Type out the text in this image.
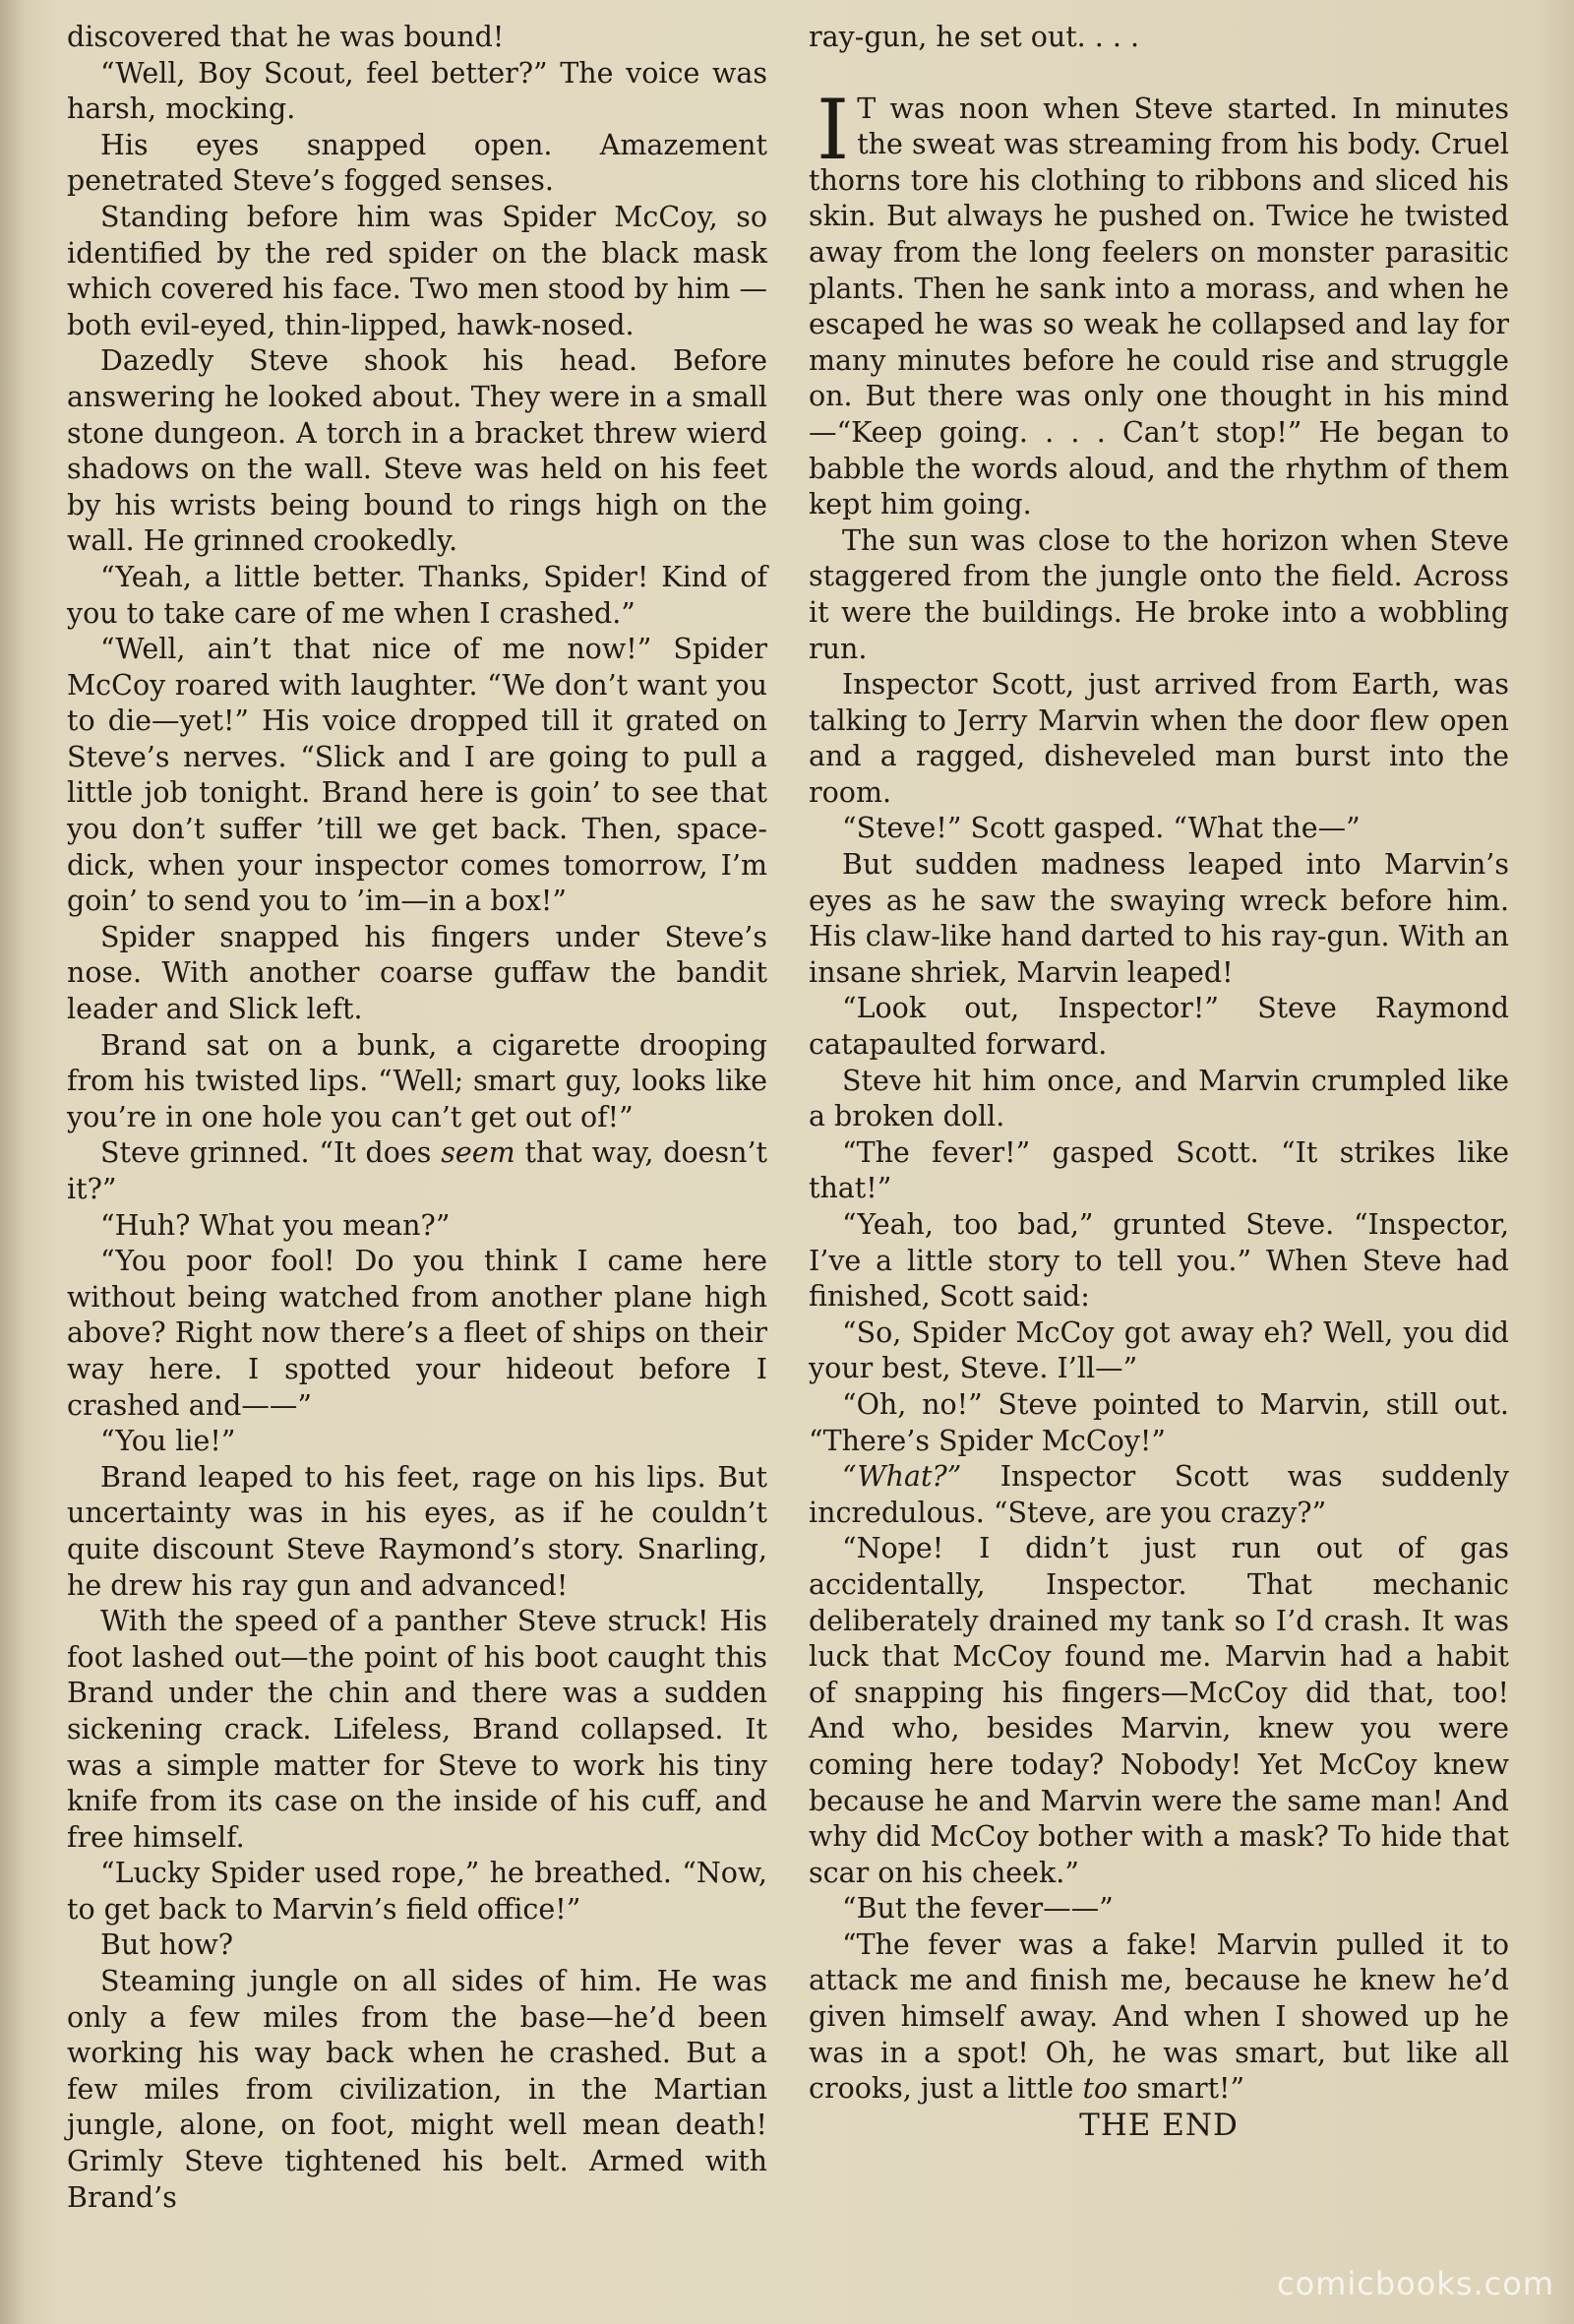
discovered that he was bound!

“Well, Boy Scout, feel better?” The voice was harsh, mocking.

His eyes snapped open. Amazement penetrated Steve’s fogged senses.

Standing before him was Spider McCoy, so identified by the red spider on the black mask which covered his face. Two men stood by him —both evil-eyed, thin-lipped, hawk-nosed.

Dazedly Steve shook his head. Before answering he looked about. They were in a small stone dungeon. A torch in a bracket threw wierd shadows on the wall. Steve was held on his feet by his wrists being bound to rings high on the wall. He grinned crookedly.

“Yeah, a little better. Thanks, Spider! Kind of you to take care of me when I crashed.”

“Well, ain’t that nice of me now!” Spider McCoy roared with laughter. “We don’t want you to die—yet!” His voice dropped till it grated on Steve’s nerves. “Slick and I are going to pull a little job tonight. Brand here is goin’ to see that you don’t suffer ’till we get back. Then, space-dick, when your inspector comes tomorrow, I’m goin’ to send you to ’im—in a box!”

Spider snapped his fingers under Steve’s nose. With another coarse guffaw the bandit leader and Slick left.

Brand sat on a bunk, a cigarette drooping from his twisted lips. “Well; smart guy, looks like you’re in one hole you can’t get out of!”

Steve grinned. “It does seem that way, doesn’t it?”

“Huh? What you mean?”

“You poor fool! Do you think I came here without being watched from another plane high above? Right now there’s a fleet of ships on their way here. I spotted your hideout before I crashed and——”

“You lie!”

Brand leaped to his feet, rage on his lips. But uncertainty was in his eyes, as if he couldn’t quite discount Steve Raymond’s story. Snarling, he drew his ray gun and advanced!

With the speed of a panther Steve struck! His foot lashed out—the point of his boot caught this Brand under the chin and there was a sudden sickening crack. Lifeless, Brand collapsed. It was a simple matter for Steve to work his tiny knife from its case on the inside of his cuff, and free himself.

“Lucky Spider used rope,” he breathed. “Now, to get back to Marvin’s field office!”

But how?

Steaming jungle on all sides of him. He was only a few miles from the base—he’d been working his way back when he crashed. But a few miles from civilization, in the Martian jungle, alone, on foot, might well mean death! Grimly Steve tightened his belt. Armed with Brand’s

ray-gun, he set out. . . .

I T was noon when Steve started. In minutes the sweat was streaming from his body. Cruel thorns tore his clothing to ribbons and sliced his skin. But always he pushed on. Twice he twisted away from the long feelers on monster parasitic plants. Then he sank into a morass, and when he escaped he was so weak he collapsed and lay for many minutes before he could rise and struggle on. But there was only one thought in his mind—“Keep going. . . . Can’t stop!” He began to babble the words aloud, and the rhythm of them kept him going.

The sun was close to the horizon when Steve staggered from the jungle onto the field. Across it were the buildings. He broke into a wobbling run.

Inspector Scott, just arrived from Earth, was talking to Jerry Marvin when the door flew open and a ragged, disheveled man burst into the room.

“Steve!” Scott gasped. “What the—”

But sudden madness leaped into Marvin’s eyes as he saw the swaying wreck before him. His claw-like hand darted to his ray-gun. With an insane shriek, Marvin leaped!

“Look out, Inspector!” Steve Raymond catapaulted forward.

Steve hit him once, and Marvin crumpled like a broken doll.

“The fever!” gasped Scott. “It strikes like that!”

“Yeah, too bad,” grunted Steve. “Inspector, I’ve a little story to tell you.” When Steve had finished, Scott said:

“So, Spider McCoy got away eh? Well, you did your best, Steve. I’ll—”

“Oh, no!” Steve pointed to Marvin, still out. “There’s Spider McCoy!”

“What?” Inspector Scott was suddenly incredulous. “Steve, are you crazy?”

“Nope! I didn’t just run out of gas accidentally, Inspector. That mechanic deliberately drained my tank so I’d crash. It was luck that McCoy found me. Marvin had a habit of snapping his fingers—McCoy did that, too! And who, besides Marvin, knew you were coming here today? Nobody! Yet McCoy knew because he and Marvin were the same man! And why did McCoy bother with a mask? To hide that scar on his cheek.”

“But the fever——”

“The fever was a fake! Marvin pulled it to attack me and finish me, because he knew he’d given himself away. And when I showed up he was in a spot! Oh, he was smart, but like all crooks, just a little too smart!”

THE END

comicbooks.com
